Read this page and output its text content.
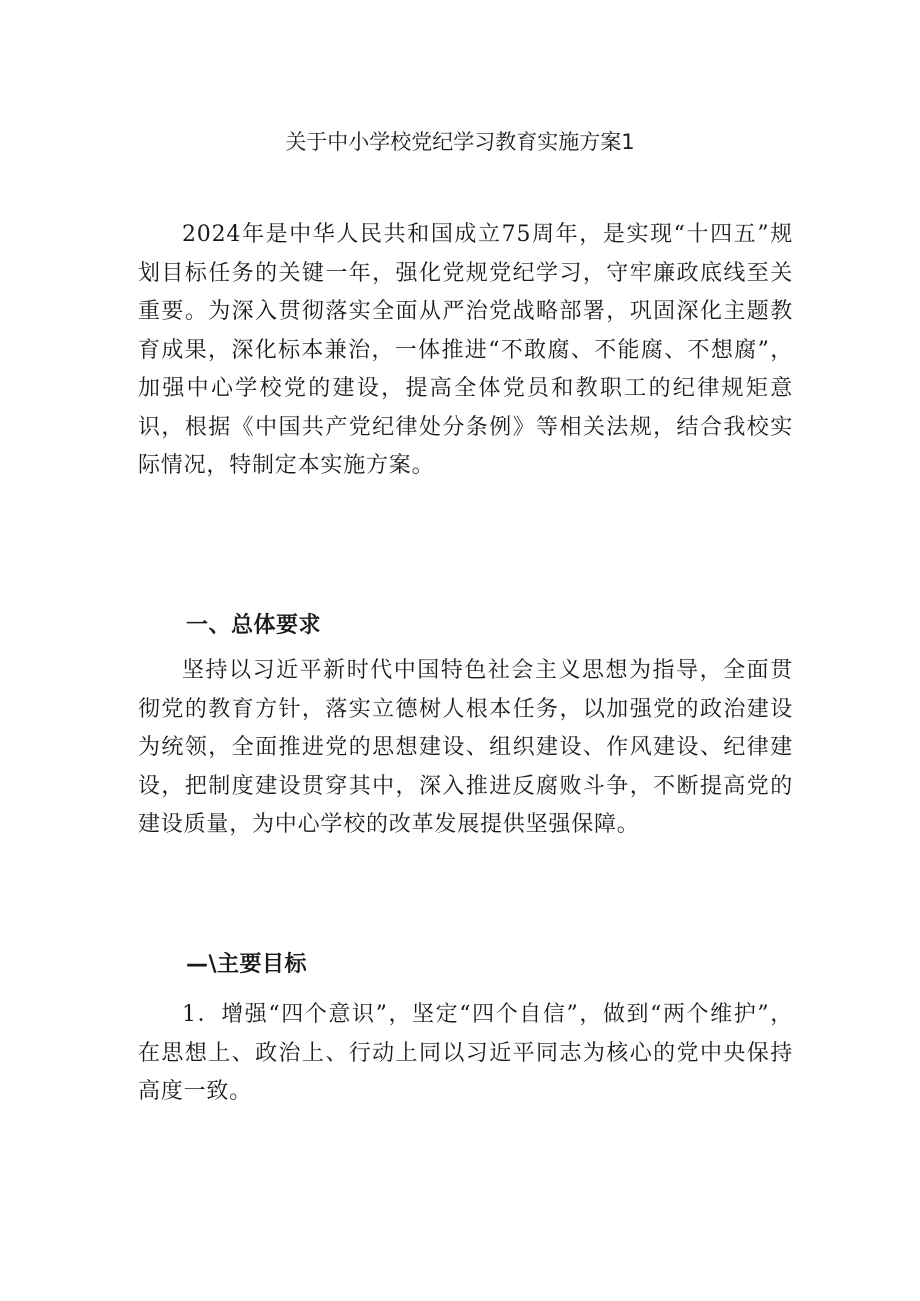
关于中小学校党纪学习教育实施方案1

2024年是中华人民共和国成立75周年，是实现“十四五”规划目标任务的关键一年，强化党规党纪学习，守牢廉政底线至关重要。为深入贯彻落实全面从严治党战略部署，巩固深化主题教育成果，深化标本兼治，一体推进“不敢腐、不能腐、不想腐”，加强中心学校党的建设，提高全体党员和教职工的纪律规矩意识，根据《中国共产党纪律处分条例》等相关法规，结合我校实际情况，特制定本实施方案。

一、总体要求

坚持以习近平新时代中国特色社会主义思想为指导，全面贯彻党的教育方针，落实立德树人根本任务，以加强党的政治建设为统领，全面推进党的思想建设、组织建设、作风建设、纪律建设，把制度建设贯穿其中，深入推进反腐败斗争，不断提高党的建设质量，为中心学校的改革发展提供坚强保障。

—\主要目标

1．增强“四个意识”，坚定“四个自信”，做到“两个维护”，在思想上、政治上、行动上同以习近平同志为核心的党中央保持高度一致。
